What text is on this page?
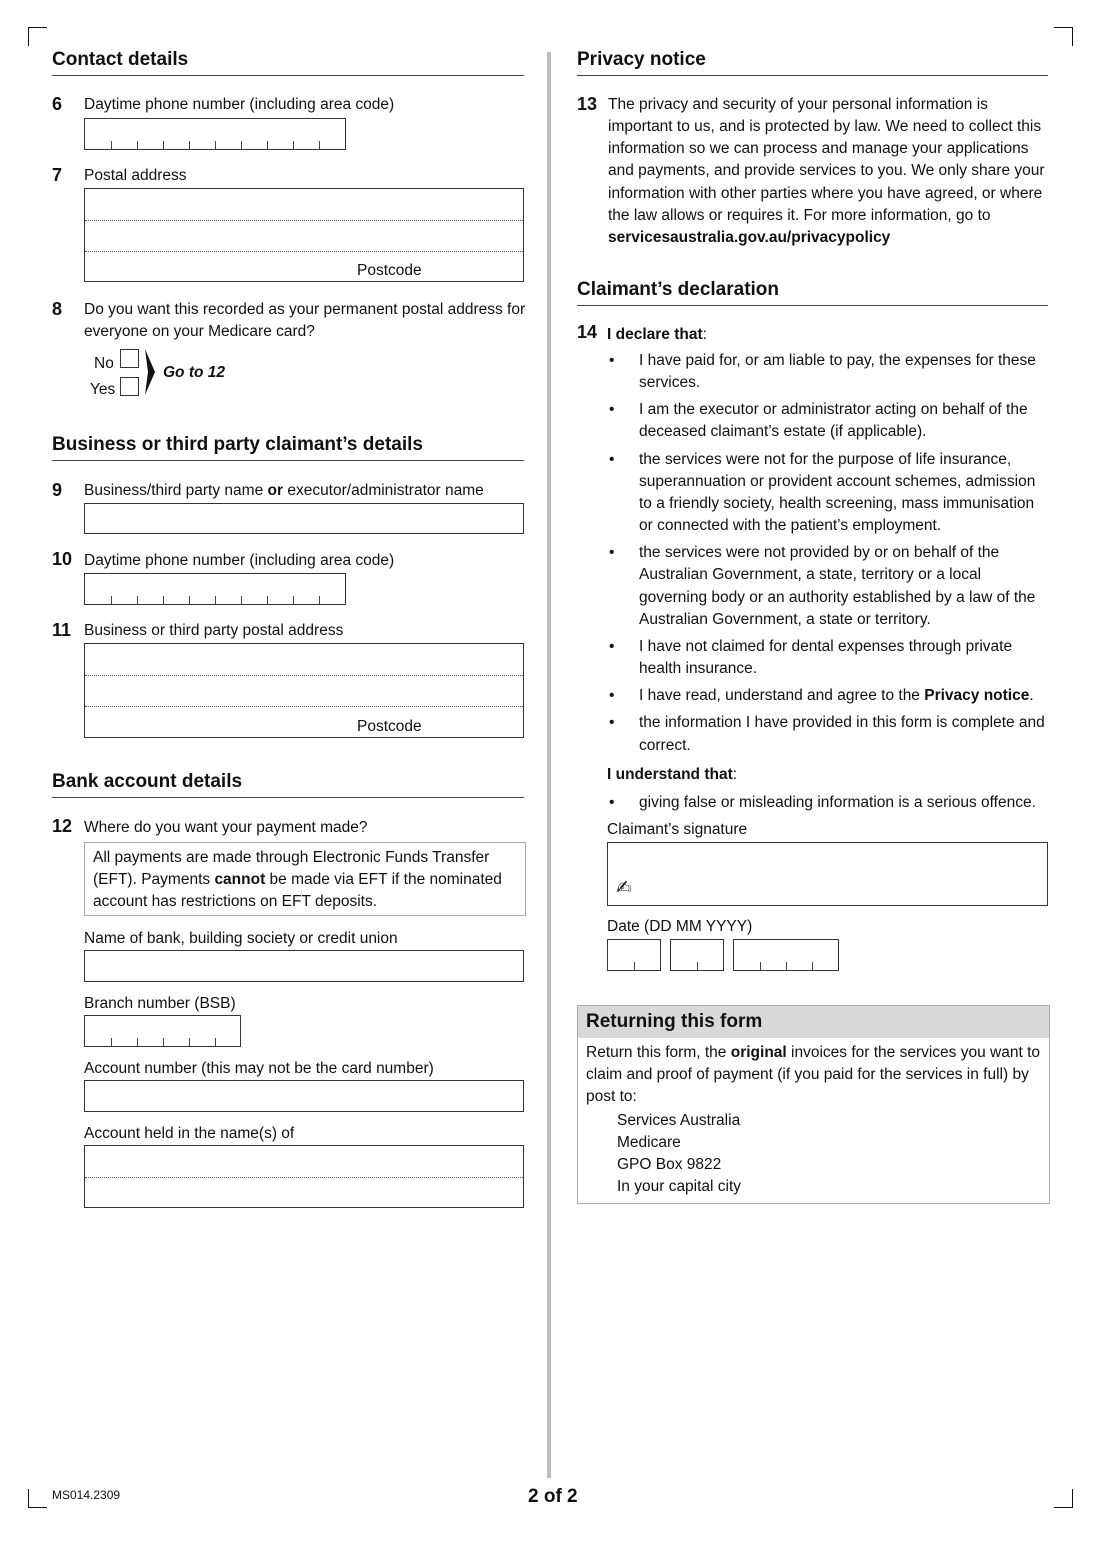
Contact details
6 Daytime phone number (including area code)
7 Postal address
Postcode
8 Do you want this recorded as your permanent postal address for everyone on your Medicare card?
No
Yes
Go to 12
Business or third party claimant’s details
9 Business/third party name or executor/administrator name
10 Daytime phone number (including area code)
11 Business or third party postal address
Postcode
Bank account details
12 Where do you want your payment made?
All payments are made through Electronic Funds Transfer (EFT). Payments cannot be made via EFT if the nominated account has restrictions on EFT deposits.
Name of bank, building society or credit union
Branch number (BSB)
Account number (this may not be the card number)
Account held in the name(s) of
Privacy notice
13 The privacy and security of your personal information is important to us, and is protected by law. We need to collect this information so we can process and manage your applications and payments, and provide services to you. We only share your information with other parties where you have agreed, or where the law allows or requires it. For more information, go to
servicesaustralia.gov.au/privacypolicy
Claimant’s declaration
14 I declare that:
• I have paid for, or am liable to pay, the expenses for these services.
• I am the executor or administrator acting on behalf of the deceased claimant’s estate (if applicable).
• the services were not for the purpose of life insurance, superannuation or provident account schemes, admission to a friendly society, health screening, mass immunisation or connected with the patient’s employment.
• the services were not provided by or on behalf of the Australian Government, a state, territory or a local governing body or an authority established by a law of the Australian Government, a state or territory.
• I have not claimed for dental expenses through private health insurance.
• I have read, understand and agree to the Privacy notice.
• the information I have provided in this form is complete and correct.
I understand that:
• giving false or misleading information is a serious offence.
Claimant’s signature
✍
Date (DD MM YYYY)
Returning this form
Return this form, the original invoices for the services you want to claim and proof of payment (if you paid for the services in full) by post to:
Services Australia
Medicare
GPO Box 9822
In your capital city
MS014.2309	2 of 2
